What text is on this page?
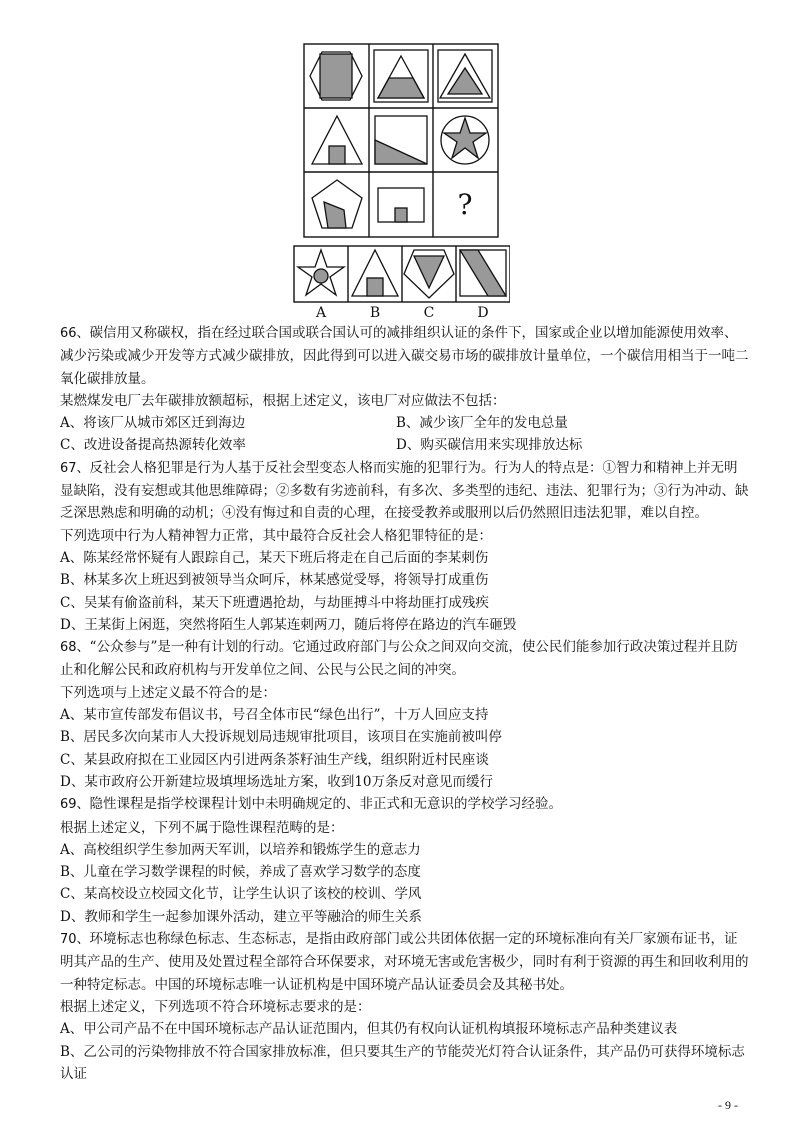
?
A	B	C	D

66、碳信用又称碳权，指在经过联合国或联合国认可的减排组织认证的条件下，国家或企业以增加能源使用效率、减少污染或减少开发等方式减少碳排放，因此得到可以进入碳交易市场的碳排放计量单位，一个碳信用相当于一吨二氧化碳排放量。

某燃煤发电厂去年碳排放额超标，根据上述定义，该电厂对应做法不包括：

A、将该厂从城市郊区迁到海边	B、减少该厂全年的发电总量
C、改进设备提高热源转化效率	D、购买碳信用来实现排放达标

67、反社会人格犯罪是行为人基于反社会型变态人格而实施的犯罪行为。行为人的特点是：①智力和精神上并无明显缺陷，没有妄想或其他思维障碍；②多数有劣迹前科，有多次、多类型的违纪、违法、犯罪行为；③行为冲动、缺乏深思熟虑和明确的动机；④没有悔过和自责的心理，在接受教养或服刑以后仍然照旧违法犯罪，难以自控。

下列选项中行为人精神智力正常，其中最符合反社会人格犯罪特征的是：

A、陈某经常怀疑有人跟踪自己，某天下班后将走在自己后面的李某刺伤

B、林某多次上班迟到被领导当众呵斥，林某感觉受辱，将领导打成重伤

C、吴某有偷盗前科，某天下班遭遇抢劫，与劫匪搏斗中将劫匪打成残疾

D、王某街上闲逛，突然将陌生人郭某连刺两刀，随后将停在路边的汽车砸毁

68、“公众参与”是一种有计划的行动。它通过政府部门与公众之间双向交流，使公民们能参加行政决策过程并且防止和化解公民和政府机构与开发单位之间、公民与公民之间的冲突。

下列选项与上述定义最不符合的是：

A、某市宣传部发布倡议书，号召全体市民“绿色出行”，十万人回应支持

B、居民多次向某市人大投诉规划局违规审批项目，该项目在实施前被叫停

C、某县政府拟在工业园区内引进两条茶籽油生产线，组织附近村民座谈

D、某市政府公开新建垃圾填埋场选址方案，收到10万条反对意见而缓行

69、隐性课程是指学校课程计划中未明确规定的、非正式和无意识的学校学习经验。

根据上述定义，下列不属于隐性课程范畴的是：

A、高校组织学生参加两天军训，以培养和锻炼学生的意志力

B、儿童在学习数学课程的时候，养成了喜欢学习数学的态度

C、某高校设立校园文化节，让学生认识了该校的校训、学风

D、教师和学生一起参加课外活动，建立平等融洽的师生关系

70、环境标志也称绿色标志、生态标志，是指由政府部门或公共团体依据一定的环境标准向有关厂家颁布证书，证明其产品的生产、使用及处置过程全部符合环保要求，对环境无害或危害极少，同时有利于资源的再生和回收利用的一种特定标志。中国的环境标志唯一认证机构是中国环境产品认证委员会及其秘书处。

根据上述定义，下列选项不符合环境标志要求的是：

A、甲公司产品不在中国环境标志产品认证范围内，但其仍有权向认证机构填报环境标志产品种类建议表

B、乙公司的污染物排放不符合国家排放标准，但只要其生产的节能荧光灯符合认证条件，其产品仍可获得环境标志认证

- 9 -
